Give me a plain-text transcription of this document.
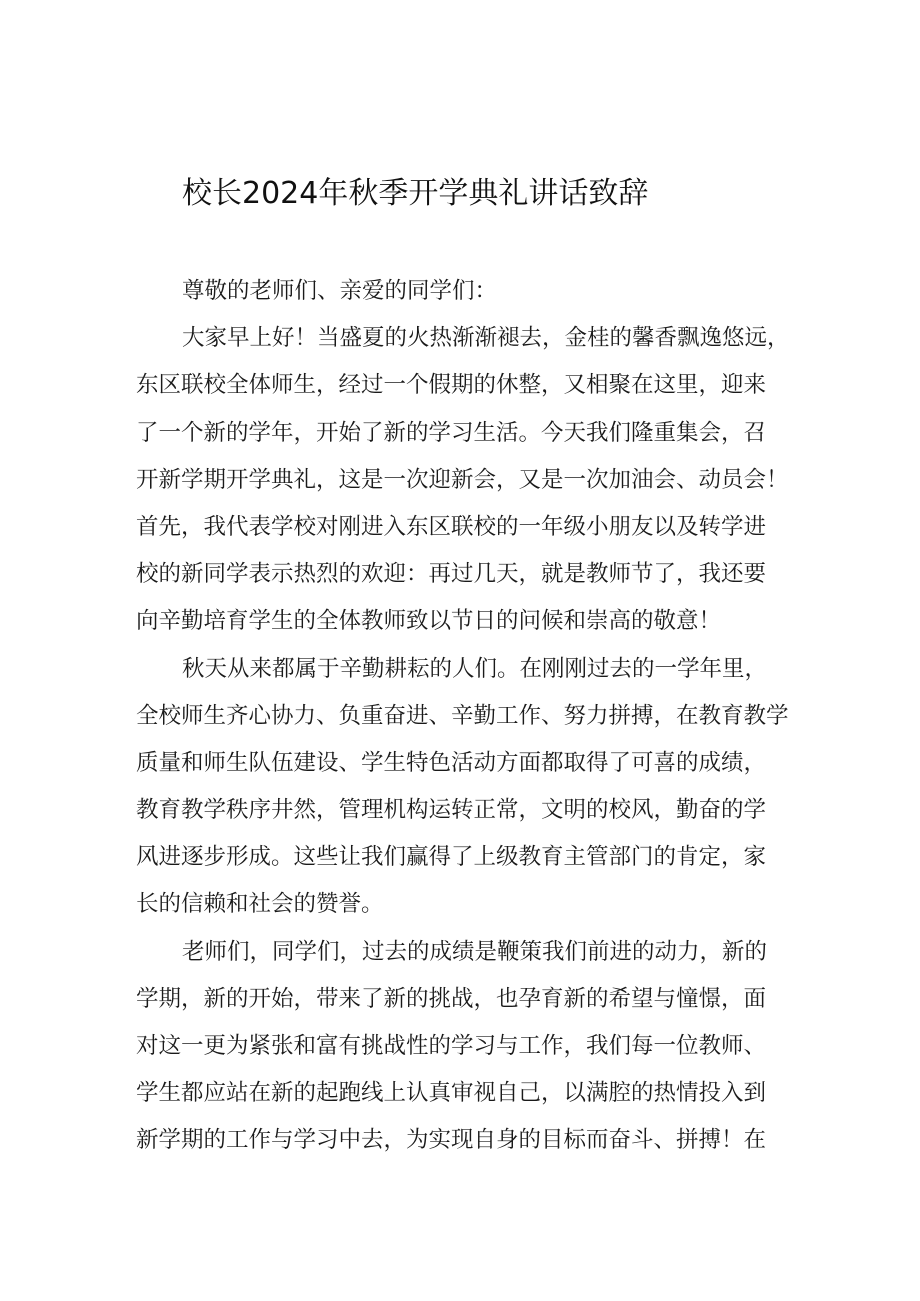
校长2024年秋季开学典礼讲话致辞
尊敬的老师们、亲爱的同学们：
大家早上好！当盛夏的火热渐渐褪去，金桂的馨香飘逸悠远，
东区联校全体师生，经过一个假期的休整，又相聚在这里，迎来
了一个新的学年，开始了新的学习生活。今天我们隆重集会，召
开新学期开学典礼，这是一次迎新会，又是一次加油会、动员会！
首先，我代表学校对刚进入东区联校的一年级小朋友以及转学进
校的新同学表示热烈的欢迎：再过几天，就是教师节了，我还要
向辛勤培育学生的全体教师致以节日的问候和崇高的敬意！
秋天从来都属于辛勤耕耘的人们。在刚刚过去的一学年里，
全校师生齐心协力、负重奋进、辛勤工作、努力拼搏，在教育教学
质量和师生队伍建设、学生特色活动方面都取得了可喜的成绩，
教育教学秩序井然，管理机构运转正常，文明的校风，勤奋的学
风进逐步形成。这些让我们赢得了上级教育主管部门的肯定，家
长的信赖和社会的赞誉。
老师们，同学们，过去的成绩是鞭策我们前进的动力，新的
学期，新的开始，带来了新的挑战，也孕育新的希望与憧憬，面
对这一更为紧张和富有挑战性的学习与工作，我们每一位教师、
学生都应站在新的起跑线上认真审视自己，以满腔的热情投入到
新学期的工作与学习中去，为实现自身的目标而奋斗、拼搏！在
